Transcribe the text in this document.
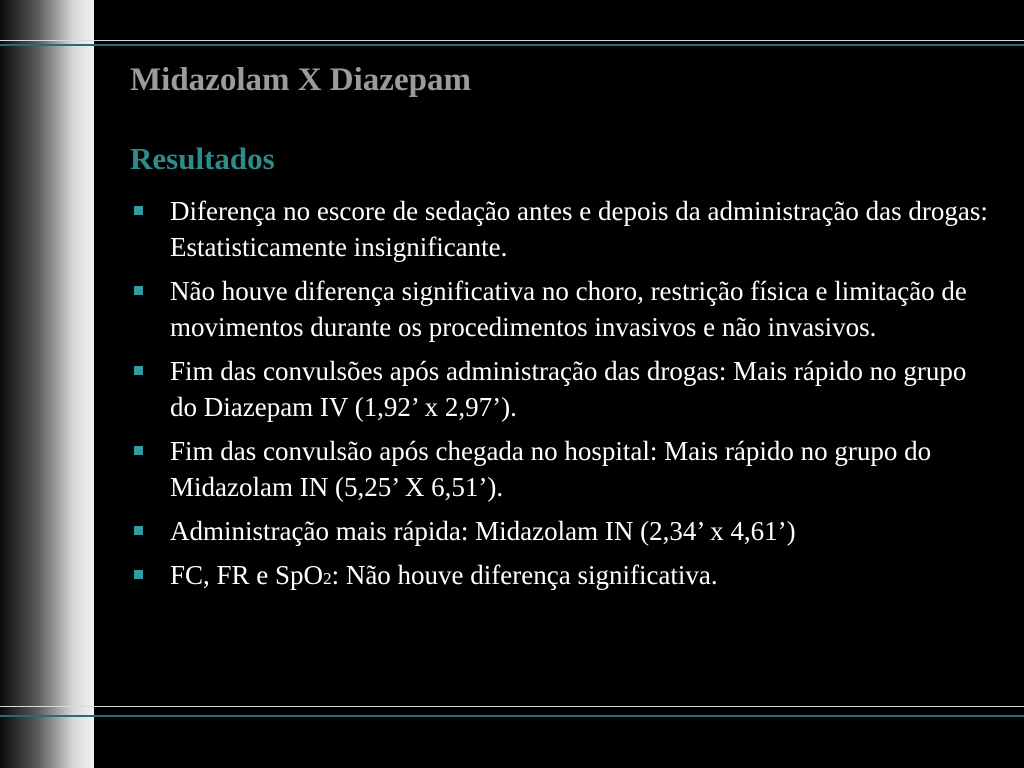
Midazolam X Diazepam
Resultados
Diferença no escore de sedação antes e depois da administração das drogas: Estatisticamente insignificante.
Não houve diferença significativa no choro, restrição física e limitação de movimentos durante os procedimentos invasivos e não invasivos.
Fim das convulsões após administração das drogas: Mais rápido no grupo do Diazepam IV (1,92’ x 2,97’).
Fim das convulsão após chegada no hospital: Mais rápido no grupo do Midazolam IN (5,25’ X 6,51’).
Administração mais rápida: Midazolam IN (2,34’ x 4,61’)
FC, FR e SpO2: Não houve diferença significativa.
